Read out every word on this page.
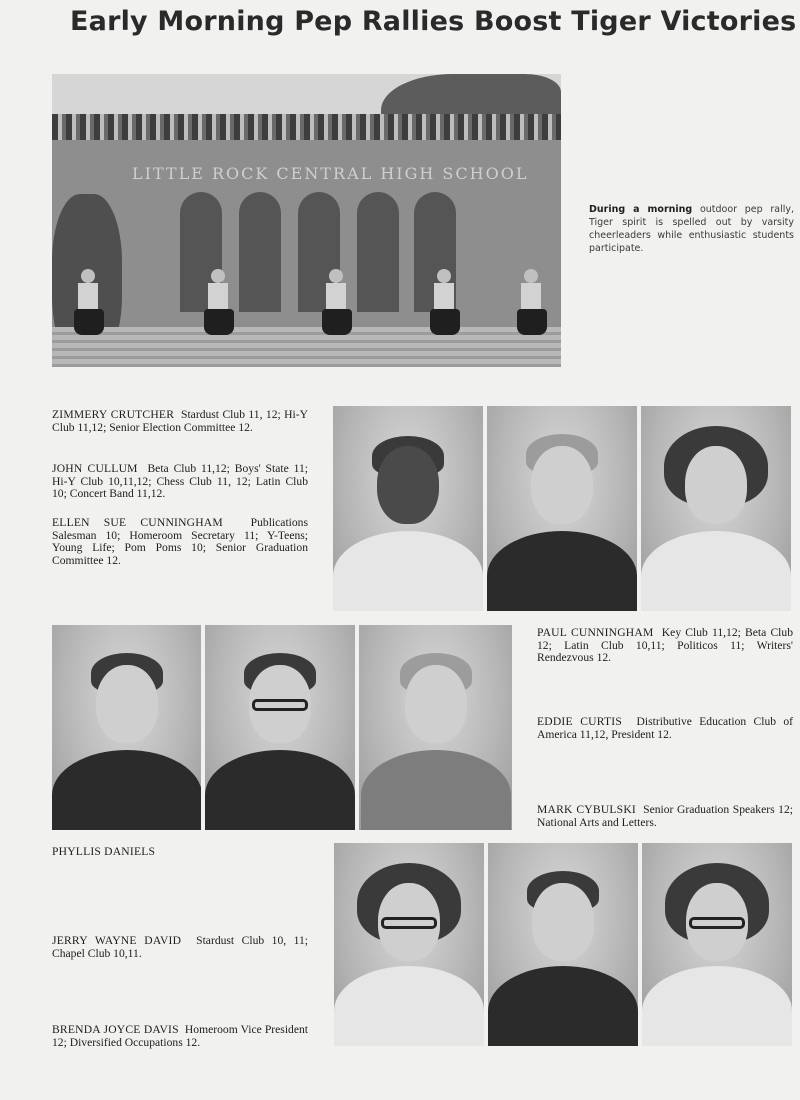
Early Morning Pep Rallies Boost Tiger Victories
LITTLE ROCK CENTRAL HIGH SCHOOL
During a morning outdoor pep rally, Tiger spirit is spelled out by varsity cheerleaders while enthusiastic students participate.
ZIMMERY CRUTCHER Stardust Club 11, 12; Hi-Y Club 11,12; Senior Election Committee 12.
JOHN CULLUM Beta Club 11,12; Boys' State 11; Hi-Y Club 10,11,12; Chess Club 11, 12; Latin Club 10; Concert Band 11,12.
ELLEN SUE CUNNINGHAM Publications Salesman 10; Homeroom Secretary 11; Y-Teens; Young Life; Pom Poms 10; Senior Graduation Committee 12.
PAUL CUNNINGHAM Key Club 11,12; Beta Club 12; Latin Club 10,11; Politicos 11; Writers' Rendezvous 12.
EDDIE CURTIS Distributive Education Club of America 11,12, President 12.
MARK CYBULSKI Senior Graduation Speakers 12; National Arts and Letters.
PHYLLIS DANIELS
JERRY WAYNE DAVID Stardust Club 10, 11; Chapel Club 10,11.
BRENDA JOYCE DAVIS Homeroom Vice President 12; Diversified Occupations 12.
